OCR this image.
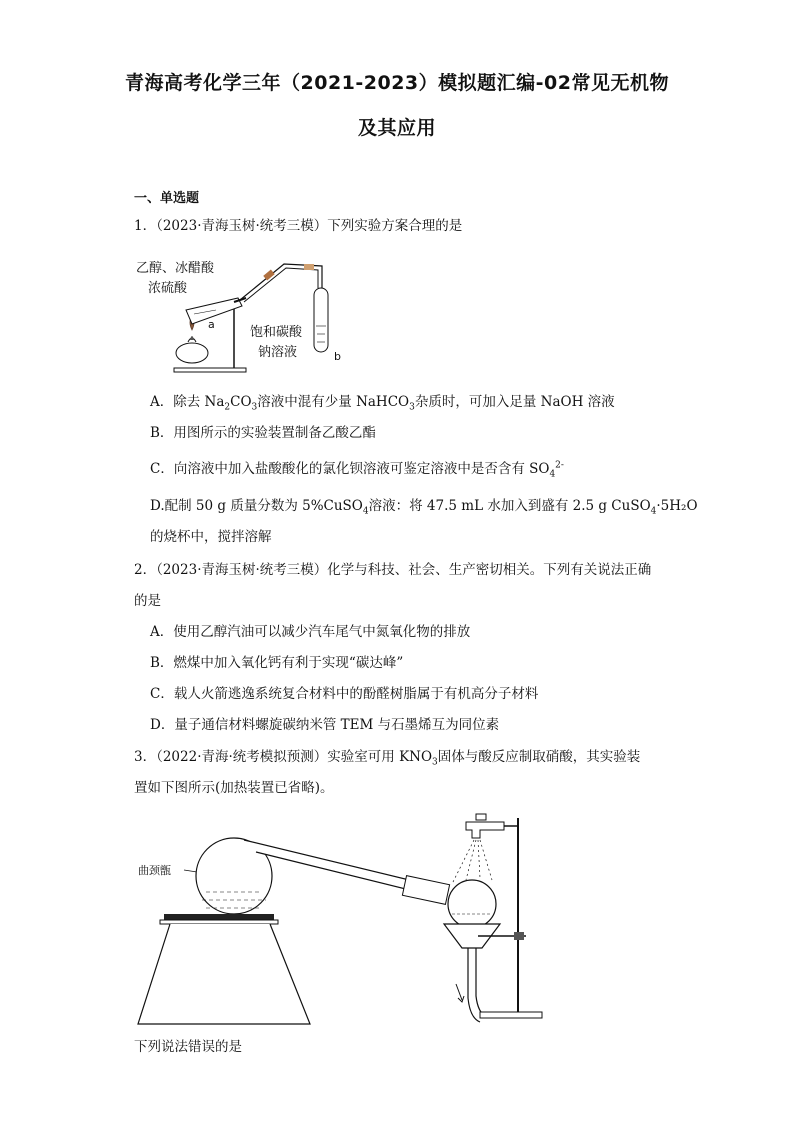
青海高考化学三年（2021-2023）模拟题汇编-02常见无机物
及其应用
一、单选题
1．（2023·青海玉树·统考三模）下列实验方案合理的是
乙醇、冰醋酸
浓硫酸
a
饱和碳酸
钠溶液	b
A．除去 $Na_2CO_3$溶液中混有少量 NaHCO$_3$杂质时，可加入足量 NaOH 溶液
B．用图所示的实验装置制备乙酸乙酯
C．向溶液中加入盐酸酸化的氯化钡溶液可鉴定溶液中是否含有 $SO_4^{2-}$
D.配制 50 g 质量分数为 5%CuSO$_4$溶液：将 47.5 mL 水加入到盛有 2.5 g CuSO$_4$·5H₂O
的烧杯中，搅拌溶解
2．（2023·青海玉树·统考三模）化学与科技、社会、生产密切相关。下列有关说法正确
的是
A．使用乙醇汽油可以减少汽车尾气中氮氧化物的排放
B．燃煤中加入氧化钙有利于实现“碳达峰”
C．载人火箭逃逸系统复合材料中的酚醛树脂属于有机高分子材料
D．量子通信材料螺旋碳纳米管 TEM 与石墨烯互为同位素
3．（2022·青海·统考模拟预测）实验室可用 $KNO_3$固体与酸反应制取硝酸，其实验装
置如下图所示(加热装置已省略)。
曲颈甑
下列说法错误的是
